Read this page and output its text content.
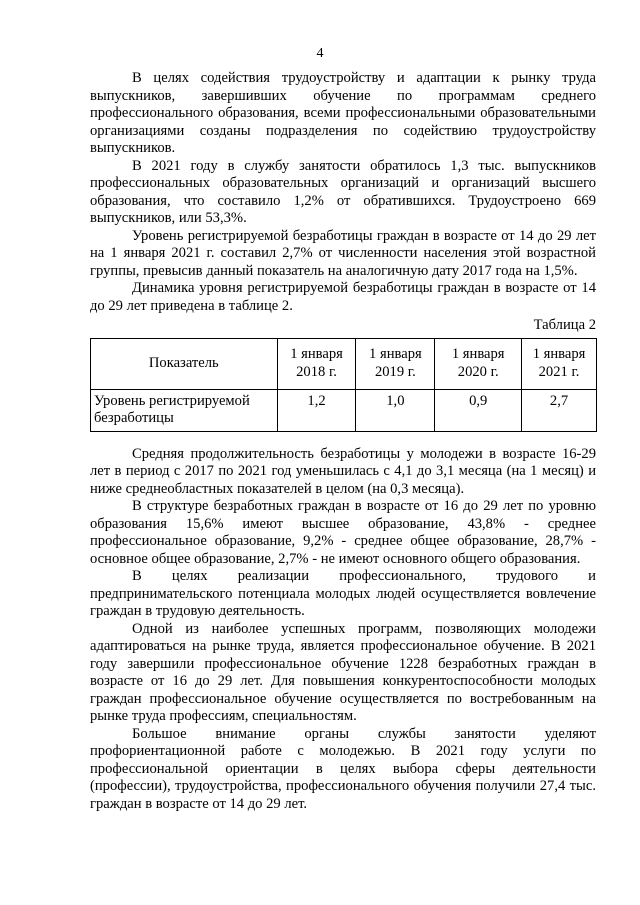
4

В целях содействия трудоустройству и адаптации к рынку труда выпускников, завершивших обучение по программам среднего профессионального образования, всеми профессиональными образовательными организациями созданы подразделения по содействию трудоустройству выпускников.

В 2021 году в службу занятости обратилось 1,3 тыс. выпускников профессиональных образовательных организаций и организаций высшего образования, что составило 1,2% от обратившихся. Трудоустроено 669 выпускников, или 53,3%.

Уровень регистрируемой безработицы граждан в возрасте от 14 до 29 лет на 1 января 2021 г. составил 2,7% от численности населения этой возрастной группы, превысив данный показатель на аналогичную дату 2017 года на 1,5%.

Динамика уровня регистрируемой безработицы граждан в возрасте от 14 до 29 лет приведена в таблице 2.

Таблица 2
Показатель	1 января 2018 г.	1 января 2019 г.	1 января 2020 г.	1 января 2021 г.
Уровень регистрируемой безработицы	1,2	1,0	0,9	2,7

Средняя продолжительность безработицы у молодежи в возрасте 16-29 лет в период с 2017 по 2021 год уменьшилась с 4,1 до 3,1 месяца (на 1 месяц) и ниже среднеобластных показателей в целом (на 0,3 месяца).

В структуре безработных граждан в возрасте от 16 до 29 лет по уровню образования 15,6% имеют высшее образование, 43,8% - среднее профессиональное образование, 9,2% - среднее общее образование, 28,7% - основное общее образование, 2,7% - не имеют основного общего образования.

В целях реализации профессионального, трудового и предпринимательского потенциала молодых людей осуществляется вовлечение граждан в трудовую деятельность.

Одной из наиболее успешных программ, позволяющих молодежи адаптироваться на рынке труда, является профессиональное обучение. В 2021 году завершили профессиональное обучение 1228 безработных граждан в возрасте от 16 до 29 лет. Для повышения конкурентоспособности молодых граждан профессиональное обучение осуществляется по востребованным на рынке труда профессиям, специальностям.

Большое внимание органы службы занятости уделяют профориентационной работе с молодежью. В 2021 году услуги по профессиональной ориентации в целях выбора сферы деятельности (профессии), трудоустройства, профессионального обучения получили 27,4 тыс. граждан в возрасте от 14 до 29 лет.
